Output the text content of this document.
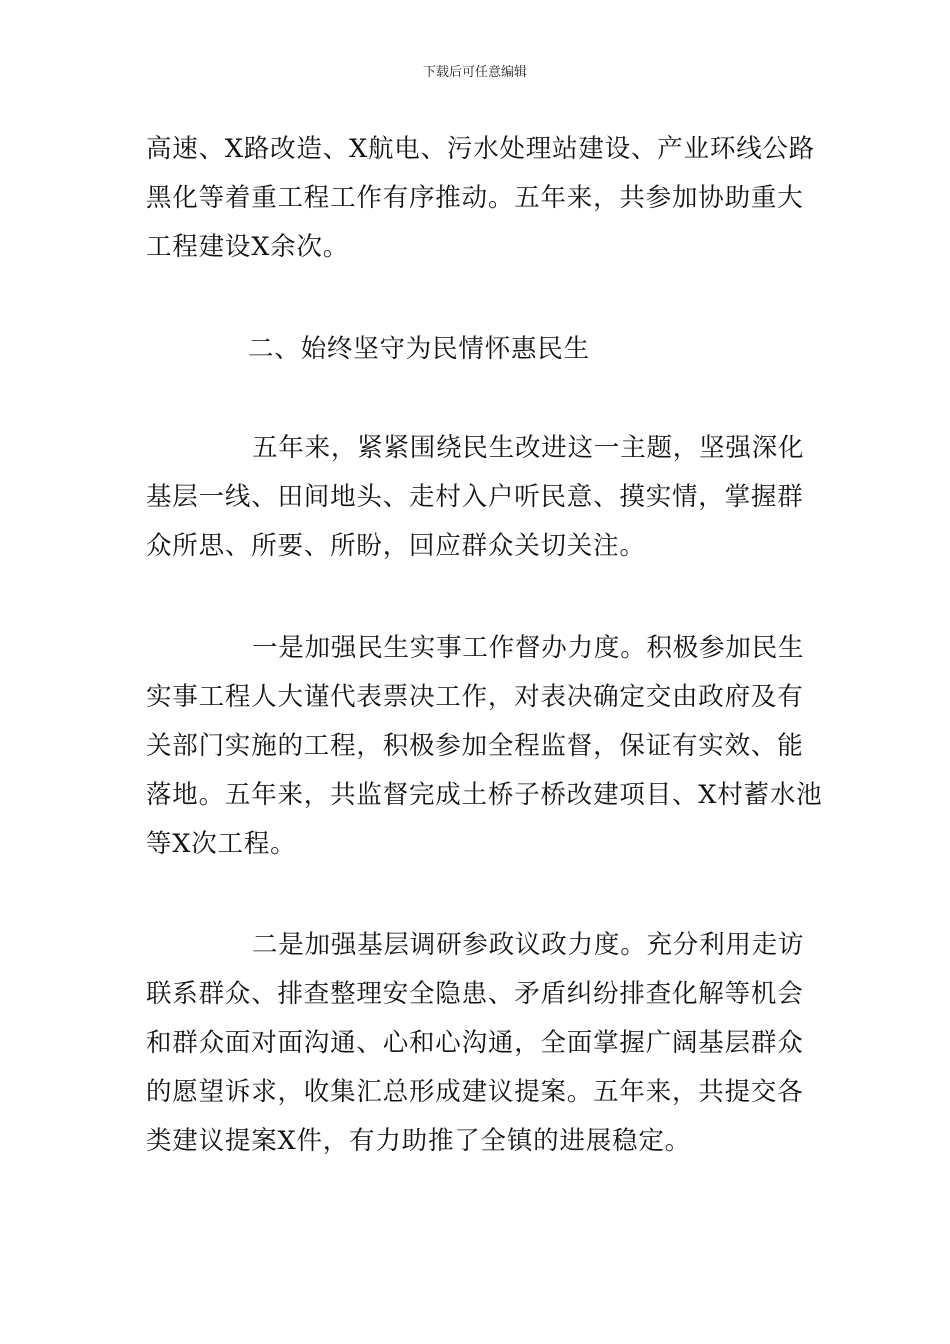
下载后可任意编辑
高速、X路改造、X航电、污水处理站建设、产业环线公路
黑化等着重工程工作有序推动。五年来，共参加协助重大
工程建设X余次。
二、始终坚守为民情怀惠民生
五年来，紧紧围绕民生改进这一主题，坚强深化
基层一线、田间地头、走村入户听民意、摸实情，掌握群
众所思、所要、所盼，回应群众关切关注。
一是加强民生实事工作督办力度。积极参加民生
实事工程人大谨代表票决工作，对表决确定交由政府及有
关部门实施的工程，积极参加全程监督，保证有实效、能
落地。五年来，共监督完成土桥子桥改建项目、X村蓄水池
等X次工程。
二是加强基层调研参政议政力度。充分利用走访
联系群众、排查整理安全隐患、矛盾纠纷排查化解等机会
和群众面对面沟通、心和心沟通，全面掌握广阔基层群众
的愿望诉求，收集汇总形成建议提案。五年来，共提交各
类建议提案X件，有力助推了全镇的进展稳定。
